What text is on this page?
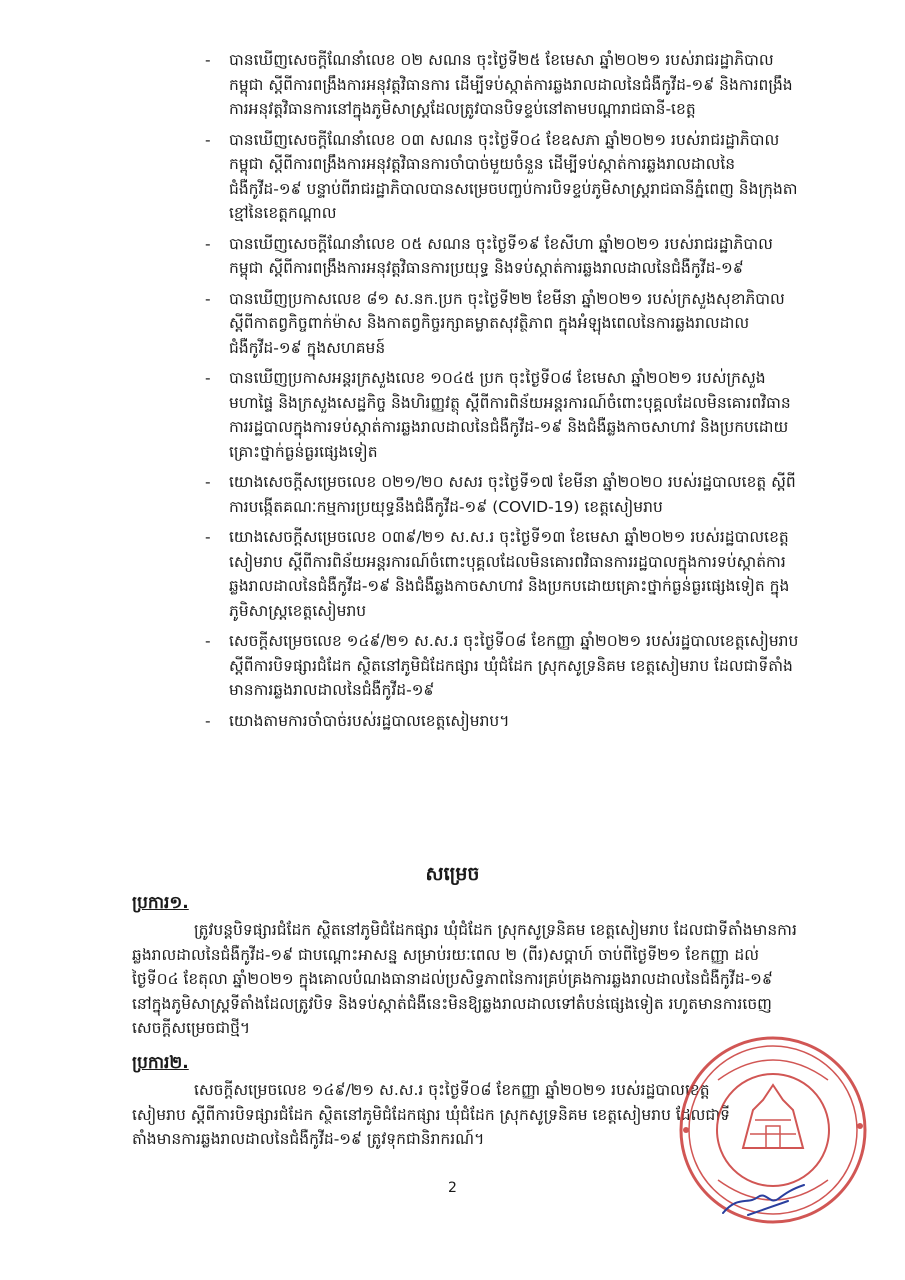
- បានឃើញសេចក្ដីណែនាំលេខ ០២ សណន ចុះថ្ងៃទី២៥ ខែមេសា ឆ្នាំ២០២១ របស់រាជរដ្ឋាភិបាលកម្ពុជា ស្ដីពីការពង្រឹងការអនុវត្តវិធានការ ដើម្បីទប់ស្កាត់ការឆ្លងរាលដាលនៃជំងឺកូវីដ-១៩ និងការពង្រឹងការអនុវត្តវិធានការនៅក្នុងភូមិសាស្រ្តដែលត្រូវបានបិទខ្ទប់នៅតាមបណ្តារាជធានី-ខេត្ត
- បានឃើញសេចក្ដីណែនាំលេខ ០៣ សណន ចុះថ្ងៃទី០៤ ខែឧសភា ឆ្នាំ២០២១ របស់រាជរដ្ឋាភិបាលកម្ពុជា ស្ដីពីការពង្រឹងការអនុវត្តវិធានការចាំបាច់មួយចំនួន ដើម្បីទប់ស្កាត់ការឆ្លងរាលដាលនៃជំងឺកូវីដ-១៩ បន្ទាប់ពីរាជរដ្ឋាភិបាលបានសម្រេចបញ្ចប់ការបិទខ្ទប់ភូមិសាស្រ្តរាជធានីភ្នំពេញ និងក្រុងតាខ្មៅនៃខេត្តកណ្ដាល
- បានឃើញសេចក្ដីណែនាំលេខ ០៥ សណន ចុះថ្ងៃទី១៩ ខែសីហា ឆ្នាំ២០២១ របស់រាជរដ្ឋាភិបាលកម្ពុជា ស្ដីពីការពង្រឹងការអនុវត្តវិធានការប្រយុទ្ធ និងទប់ស្កាត់ការឆ្លងរាលដាលនៃជំងឺកូវីដ-១៩
- បានឃើញប្រកាសលេខ ៨១ ស.នក.ប្រក ចុះថ្ងៃទី២២ ខែមីនា ឆ្នាំ២០២១ របស់ក្រសួងសុខាភិបាល ស្ដីពីកាតព្វកិច្ចពាក់ម៉ាស និងកាតព្វកិច្ចរក្សាគម្លាតសុវត្ថិភាព ក្នុងអំឡុងពេលនៃការឆ្លងរាលដាលជំងឺកូវីដ-១៩ ក្នុងសហគមន៍
- បានឃើញប្រកាសអន្តរក្រសួងលេខ ១០៤៥ ប្រក ចុះថ្ងៃទី០៨ ខែមេសា ឆ្នាំ២០២១ របស់ក្រសួងមហាផ្ទៃ និងក្រសួងសេដ្ឋកិច្ច និងហិរញ្ញវត្ថុ ស្ដីពីការពិន័យអន្តរការណ៍ចំពោះបុគ្គលដែលមិនគោរពវិធានការរដ្ឋបាលក្នុងការទប់ស្កាត់ការឆ្លងរាលដាលនៃជំងឺកូវីដ-១៩ និងជំងឺឆ្លងកាចសាហាវ និងប្រកបដោយគ្រោះថ្នាក់ធ្ងន់ធ្ងរផ្សេងទៀត
- យោងសេចក្ដីសម្រេចលេខ ០២១/២០ សសរ ចុះថ្ងៃទី១៧ ខែមីនា ឆ្នាំ២០២០ របស់រដ្ឋបាលខេត្ត ស្ដីពីការបង្កើតគណៈកម្មការប្រយុទ្ធនឹងជំងឺកូវីដ-១៩ (COVID-19) ខេត្តសៀមរាប
- យោងសេចក្ដីសម្រេចលេខ ០៣៩/២១ ស.ស.រ ចុះថ្ងៃទី១៣ ខែមេសា ឆ្នាំ២០២១ របស់រដ្ឋបាលខេត្តសៀមរាប ស្ដីពីការពិន័យអន្តរការណ៍ចំពោះបុគ្គលដែលមិនគោរពវិធានការរដ្ឋបាលក្នុងការទប់ស្កាត់ការឆ្លងរាលដាលនៃជំងឺកូវីដ-១៩ និងជំងឺឆ្លងកាចសាហាវ និងប្រកបដោយគ្រោះថ្នាក់ធ្ងន់ធ្ងរផ្សេងទៀត ក្នុងភូមិសាស្រ្តខេត្តសៀមរាប
- សេចក្ដីសម្រេចលេខ ១៤៩/២១ ស.ស.រ ចុះថ្ងៃទី០៨ ខែកញ្ញា ឆ្នាំ២០២១ របស់រដ្ឋបាលខេត្តសៀមរាប ស្ដីពីការបិទផ្សារជំដែក ស្ថិតនៅភូមិជំដែកផ្សារ ឃុំជំដែក ស្រុកសូទ្រនិគម ខេត្តសៀមរាប ដែលជាទីតាំងមានការឆ្លងរាលដាលនៃជំងឺកូវីដ-១៩
- យោងតាមការចាំបាច់របស់រដ្ឋបាលខេត្តសៀមរាប។
សម្រេច
ប្រការ១.
ត្រូវបន្តបិទផ្សារជំដែក ស្ថិតនៅភូមិជំដែកផ្សារ ឃុំជំដែក ស្រុកសូទ្រនិគម ខេត្តសៀមរាប ដែលជាទីតាំងមានការឆ្លងរាលដាលនៃជំងឺកូវីដ-១៩ ជាបណ្ដោះអាសន្ន សម្រាប់រយៈពេល ២ (ពីរ)សប្ដាហ៍ ចាប់ពីថ្ងៃទី២១ ខែកញ្ញា ដល់ថ្ងៃទី០៤ ខែតុលា ឆ្នាំ២០២១ ក្នុងគោលបំណងធានាដល់ប្រសិទ្ធភាពនៃការគ្រប់គ្រងការឆ្លងរាលដាលនៃជំងឺកូវីដ-១៩ នៅក្នុងភូមិសាស្រ្តទីតាំងដែលត្រូវបិទ និងទប់ស្កាត់ជំងឺនេះមិនឱ្យឆ្លងរាលដាលទៅតំបន់ផ្សេងទៀត រហូតមានការចេញសេចក្ដីសម្រេចជាថ្មី។
ប្រការ២.
សេចក្ដីសម្រេចលេខ ១៤៩/២១ ស.ស.រ ចុះថ្ងៃទី០៨ ខែកញ្ញា ឆ្នាំ២០២១ របស់រដ្ឋបាលខេត្តសៀមរាប ស្ដីពីការបិទផ្សារជំដែក ស្ថិតនៅភូមិជំដែកផ្សារ ឃុំជំដែក ស្រុកសូទ្រនិគម ខេត្តសៀមរាប ដែលជាទីតាំងមានការឆ្លងរាលដាលនៃជំងឺកូវីដ-១៩ ត្រូវទុកជានិរាករណ៍។
2
